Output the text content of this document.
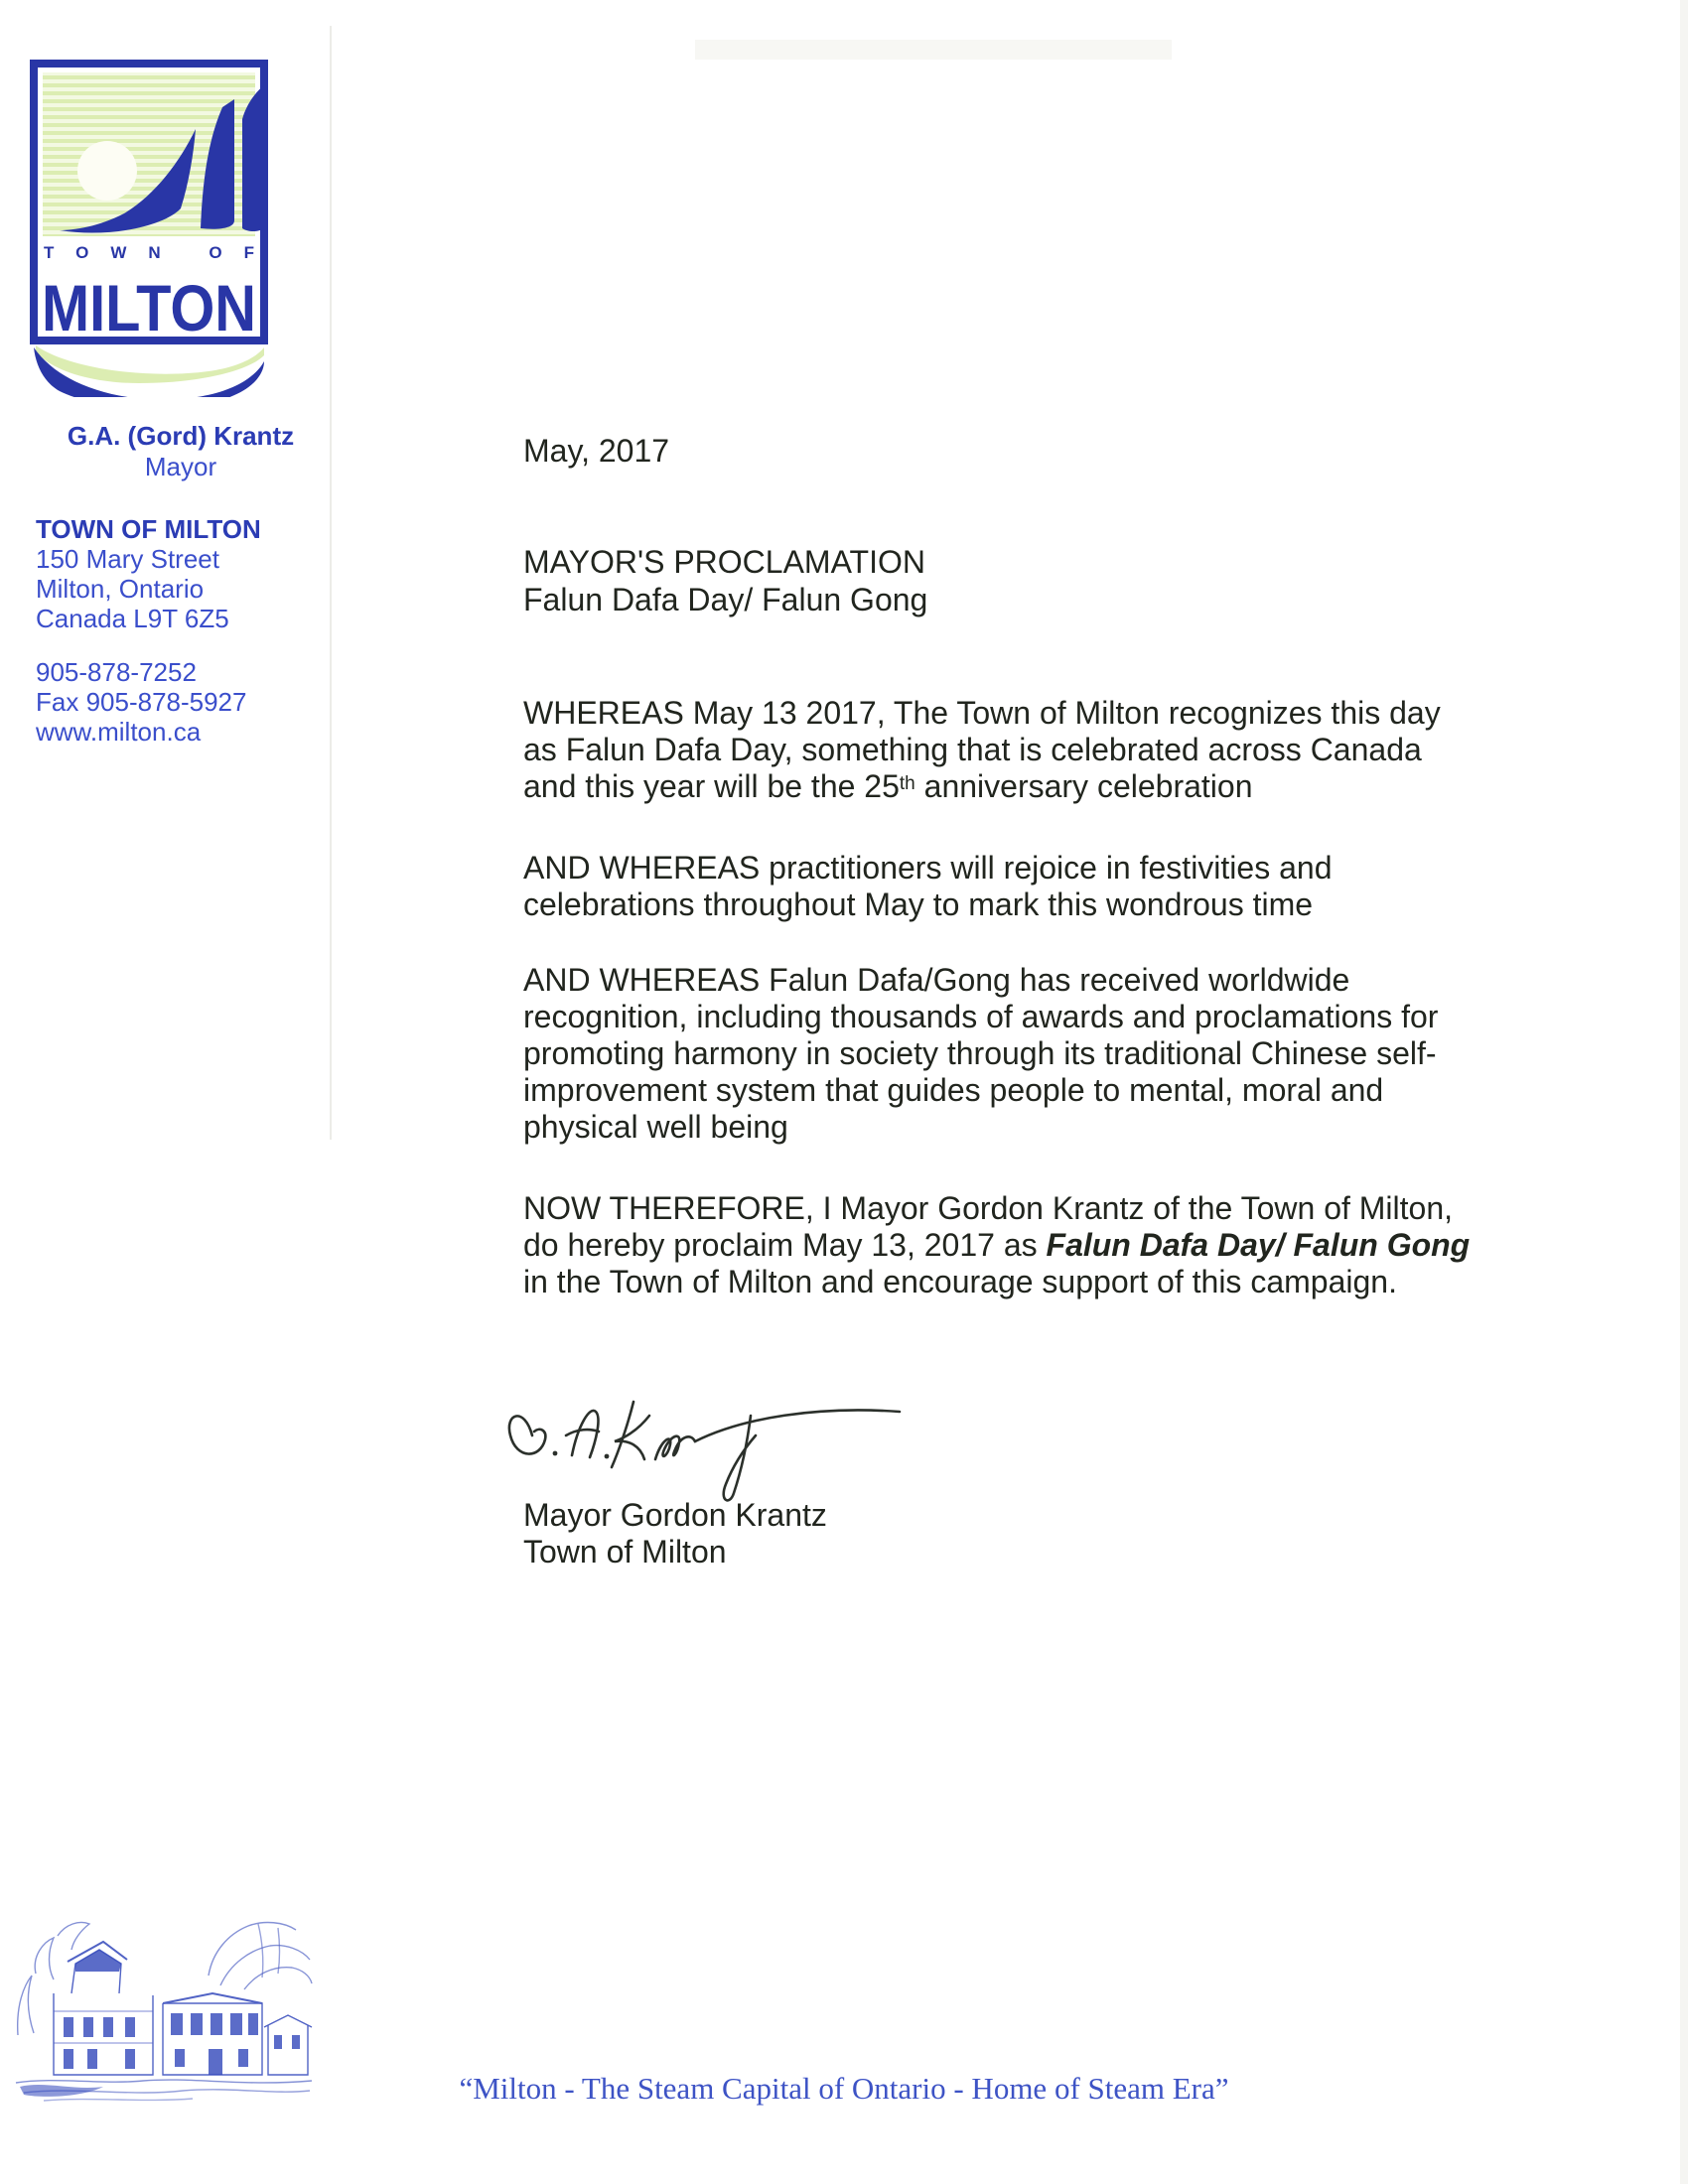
TOWN OF
MILTON
G.A. (Gord) Krantz
Mayor
TOWN OF MILTON
150 Mary Street
Milton, Ontario
Canada L9T 6Z5
905-878-7252
Fax 905-878-5927
www.milton.ca
May, 2017
MAYOR'S PROCLAMATION
Falun Dafa Day/ Falun Gong
WHEREAS May 13 2017, The Town of Milton recognizes this day
as Falun Dafa Day, something that is celebrated across Canada
and this year will be the 25th anniversary celebration
AND WHEREAS practitioners will rejoice in festivities and
celebrations throughout May to mark this wondrous time
AND WHEREAS Falun Dafa/Gong has received worldwide
recognition, including thousands of awards and proclamations for
promoting harmony in society through its traditional Chinese self-
improvement system that guides people to mental, moral and
physical well being
NOW THEREFORE, I Mayor Gordon Krantz of the Town of Milton,
do hereby proclaim May 13, 2017 as Falun Dafa Day/ Falun Gong
in the Town of Milton and encourage support of this campaign.
Mayor Gordon Krantz
Town of Milton
“Milton - The Steam Capital of Ontario - Home of Steam Era”
